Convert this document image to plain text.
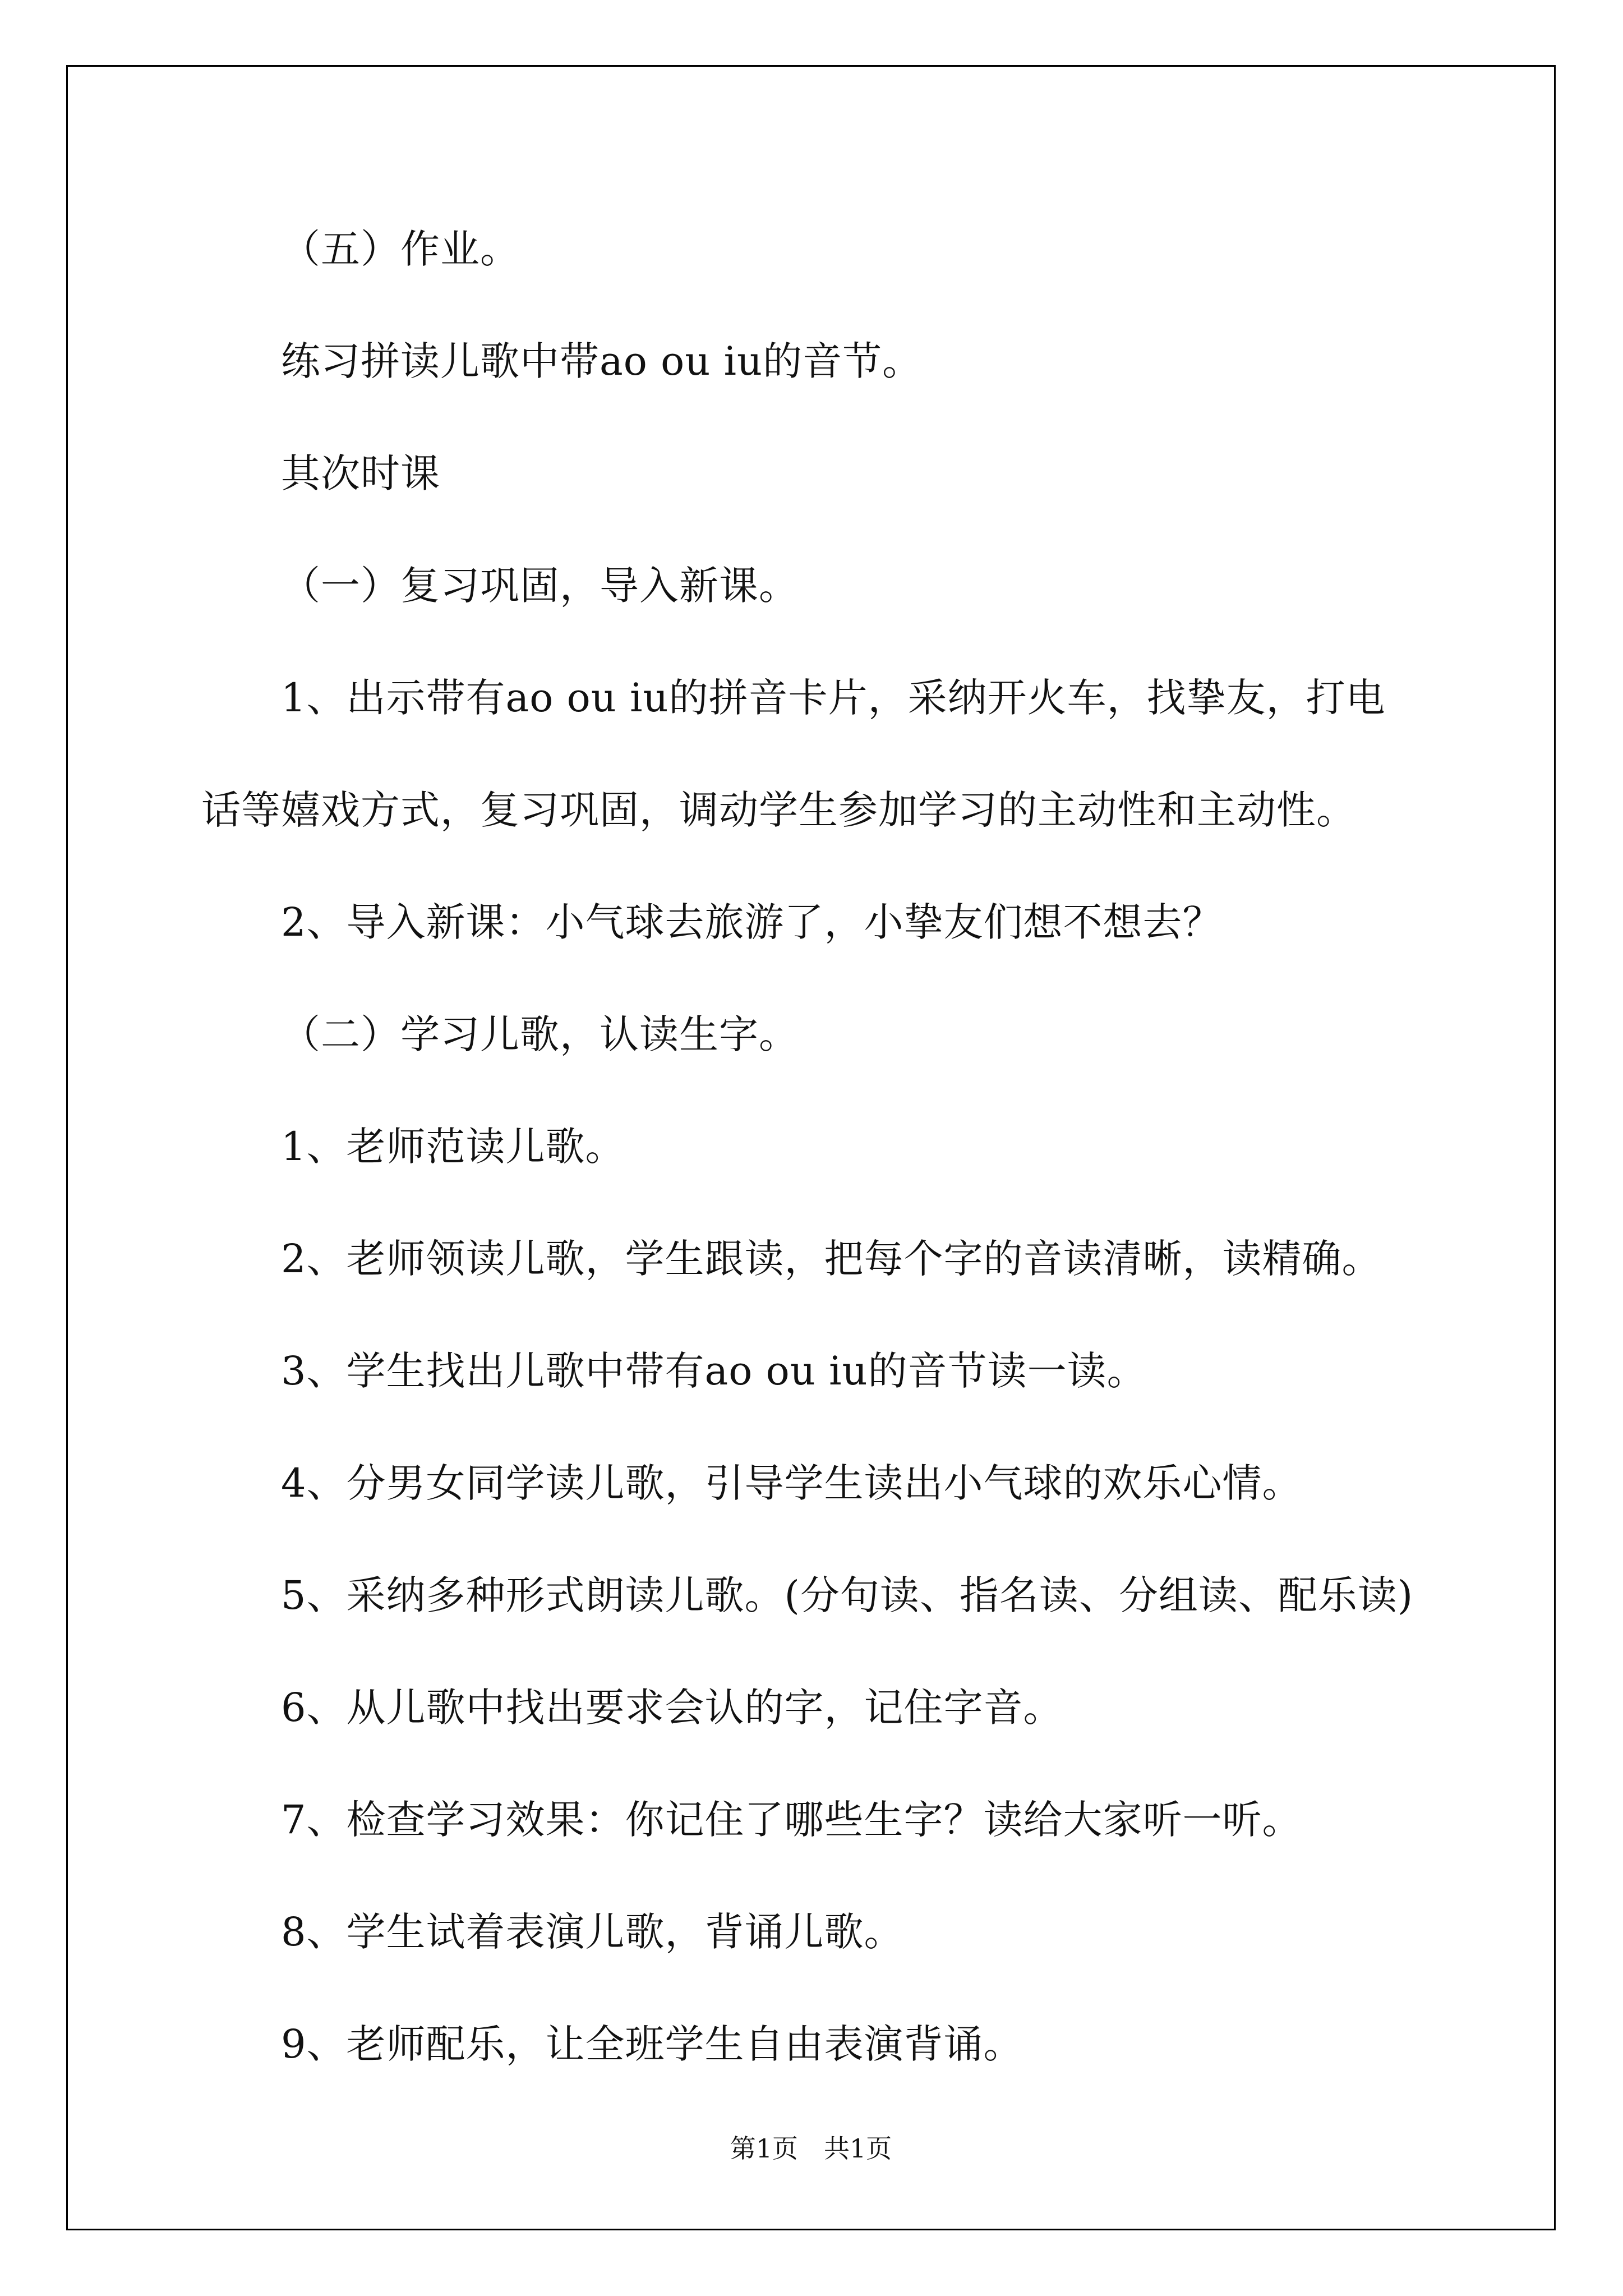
（五）作业。
练习拼读儿歌中带ao ou iu的音节。
其次时课
（一）复习巩固，导入新课。
1、出示带有ao ou iu的拼音卡片，采纳开火车，找挚友，打电
话等嬉戏方式，复习巩固，调动学生参加学习的主动性和主动性。
2、导入新课：小气球去旅游了，小挚友们想不想去？
（二）学习儿歌，认读生字。
1、老师范读儿歌。
2、老师领读儿歌，学生跟读，把每个字的音读清晰，读精确。
3、学生找出儿歌中带有ao ou iu的音节读一读。
4、分男女同学读儿歌，引导学生读出小气球的欢乐心情。
5、采纳多种形式朗读儿歌。(分句读、指名读、分组读、配乐读)
6、从儿歌中找出要求会认的字，记住字音。
7、检查学习效果：你记住了哪些生字？读给大家听一听。
8、学生试着表演儿歌，背诵儿歌。
9、老师配乐，让全班学生自由表演背诵。
第1页　共1页
